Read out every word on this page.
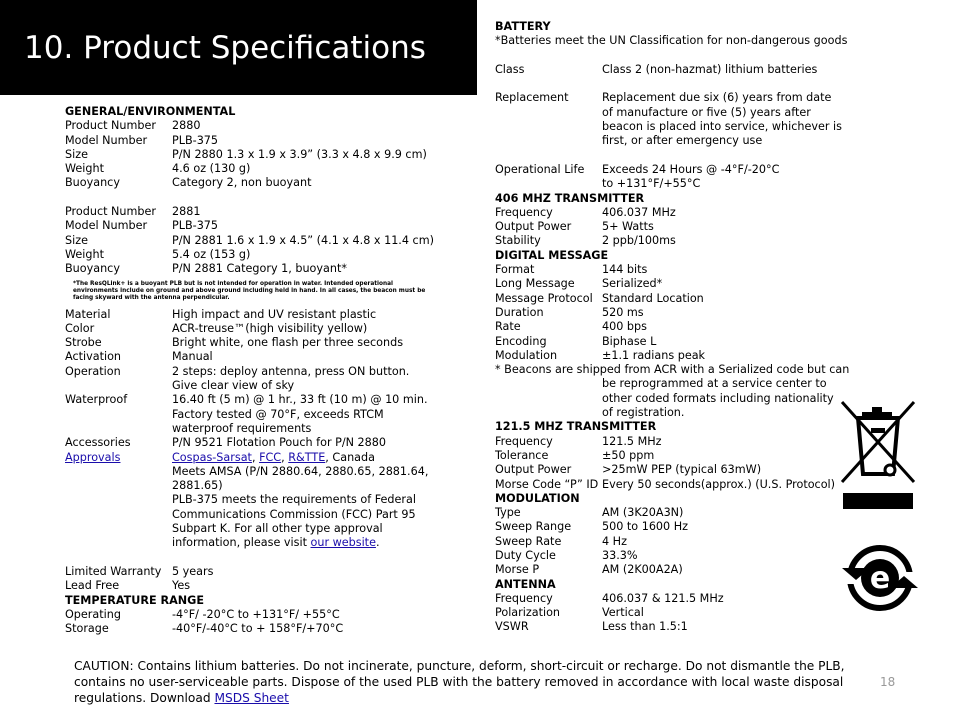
10. Product Specifications
GENERAL/ENVIRONMENTAL
Product Number	2880
Model Number	PLB-375
Size	P/N 2880 1.3 x 1.9 x 3.9” (3.3 x 4.8 x 9.9 cm)
Weight	4.6 oz (130 g)
Buoyancy	Category 2, non buoyant
Product Number	2881
Model Number	PLB-375
Size	P/N 2881 1.6 x 1.9 x 4.5” (4.1 x 4.8 x 11.4 cm)
Weight	5.4 oz (153 g)
Buoyancy	P/N 2881 Category 1, buoyant*
*The ResQLink+ is a buoyant PLB but is not intended for operation in water. Intended operational environments include on ground and above ground including held in hand. In all cases, the beacon must be facing skyward with the antenna perpendicular.
Material	High impact and UV resistant plastic
Color	ACR-treuse™(high visibility yellow)
Strobe	Bright white, one flash per three seconds
Activation	Manual
Operation	2 steps: deploy antenna, press ON button. Give clear view of sky
Waterproof	16.40 ft (5 m) @ 1 hr., 33 ft (10 m) @ 10 min. Factory tested @ 70°F, exceeds RTCM waterproof requirements
Accessories	P/N 9521 Flotation Pouch for P/N 2880
Approvals	Cospas-Sarsat, FCC, R&TTE, Canada
Meets AMSA (P/N 2880.64, 2880.65, 2881.64, 2881.65)
PLB-375 meets the requirements of Federal Communications Commission (FCC) Part 95 Subpart K. For all other type approval information, please visit our website.
Limited Warranty 5 years
Lead Free	Yes
TEMPERATURE RANGE
Operating	-4°F/ -20°C to +131°F/ +55°C
Storage	-40°F/-40°C to + 158°F/+70°C
BATTERY
*Batteries meet the UN Classification for non-dangerous goods
Class	Class 2 (non-hazmat) lithium batteries
Replacement	Replacement due six (6) years from date of manufacture or five (5) years after beacon is placed into service, whichever is first, or after emergency use
Operational Life	Exceeds 24 Hours @ -4°F/-20°C to +131°F/+55°C
406 MHZ TRANSMITTER
Frequency	406.037 MHz
Output Power	5+ Watts
Stability	2 ppb/100ms
DIGITAL MESSAGE
Format	144 bits
Long Message	Serialized*
Message Protocol Standard Location
Duration	520 ms
Rate	400 bps
Encoding	Biphase L
Modulation	±1.1 radians peak
* Beacons are shipped from ACR with a Serialized code but can
be reprogrammed at a service center to other coded formats including nationality of registration.
121.5 MHZ TRANSMITTER
Frequency	121.5 MHz
Tolerance	±50 ppm
Output Power	>25mW PEP (typical 63mW)
Morse Code “P” ID Every 50 seconds(approx.) (U.S. Protocol)
MODULATION
Type	AM (3K20A3N)
Sweep Range	500 to 1600 Hz
Sweep Rate	4 Hz
Duty Cycle	33.3%
Morse P	AM (2K00A2A)
ANTENNA
Frequency	406.037 & 121.5 MHz
Polarization	Vertical
VSWR	Less than 1.5:1
e
CAUTION: Contains lithium batteries. Do not incinerate, puncture, deform, short-circuit or recharge. Do not dismantle the PLB, contains no user-serviceable parts. Dispose of the used PLB with the battery removed in accordance with local waste disposal regulations. Download MSDS Sheet
18
